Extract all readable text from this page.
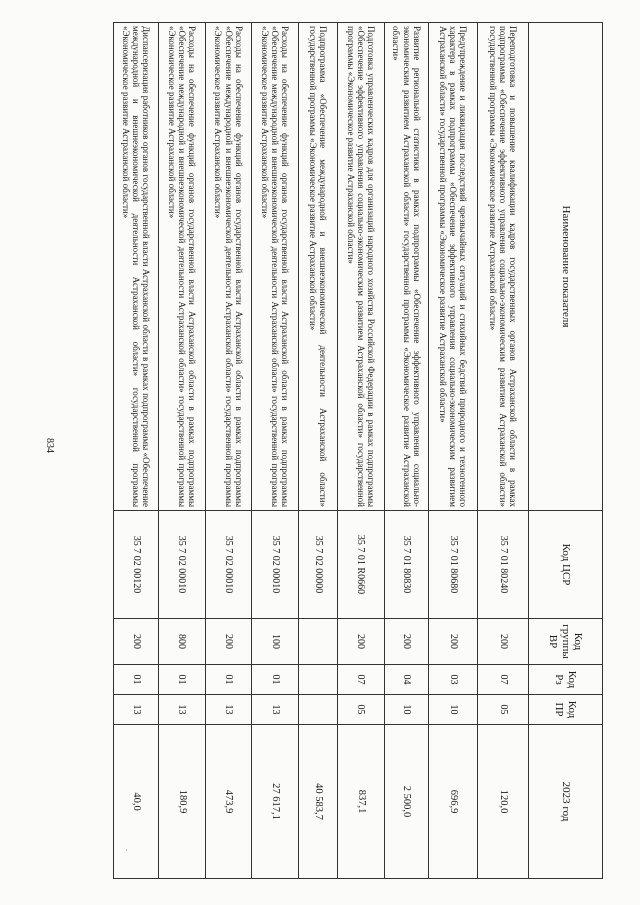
834
Наименование показателя	Код ЦСР	Код группы ВР	Код Рз	Код ПР	2023 год
Переподготовка и повышение квалификации кадров государственных органов Астраханской области в рамках подпрограммы «Обеспечение эффективного управления социально-экономическим развитием Астраханской области» государственной программы «Экономическое развитие Астраханской области»	35 7 01 80240	200	07	05	120,0
Предупреждение и ликвидация последствий чрезвычайных ситуаций и стихийных бедствий природного и техногенного характера в рамках подпрограммы «Обеспечение эффективного управления социально-экономическим развитием Астраханской области» государственной программы «Экономическое развитие Астраханской области»	35 7 01 80680	200	03	10	696,9
Развитие региональной статистики в рамках подпрограммы «Обеспечение эффективного управления социально-экономическим развитием Астраханской области» государственной программы «Экономическое развитие Астраханской области»	35 7 01 80830	200	04	10	2 500,0
Подготовка управленческих кадров для организаций народного хозяйства Российской Федерации в рамках подпрограммы «Обеспечение эффективного управления социально-экономическим развитием Астраханской области» государственной программы «Экономическое развитие Астраханской области»	35 7 01 R0660	200	07	05	837,1
Подпрограмма «Обеспечение международной и внешнеэкономической деятельности Астраханской области» государственной программы «Экономическое развитие Астраханской области»	35 7 02 00000				40 583,7
Расходы на обеспечение функций органов государственной власти Астраханской области в рамках подпрограммы «Обеспечение международной и внешнеэкономической деятельности Астраханской области» государственной программы «Экономическое развитие Астраханской области»	35 7 02 00010	100	01	13	27 617,1
Расходы на обеспечение функций органов государственной власти Астраханской области в рамках подпрограммы «Обеспечение международной и внешнеэкономической деятельности Астраханской области» государственной программы «Экономическое развитие Астраханской области»	35 7 02 00010	200	01	13	473,9
Расходы на обеспечение функций органов государственной власти Астраханской области в рамках подпрограммы «Обеспечение международной и внешнеэкономической деятельности Астраханской области» государственной программы «Экономическое развитие Астраханской области»	35 7 02 00010	800	01	13	180,9
Диспансеризация работников органов государственной власти Астраханской области в рамках подпрограммы «Обеспечение международной и внешнеэкономической деятельности Астраханской области» государственной программы «Экономическое развитие Астраханской области»	35 7 02 00120	200	01	13	40,0
˙
